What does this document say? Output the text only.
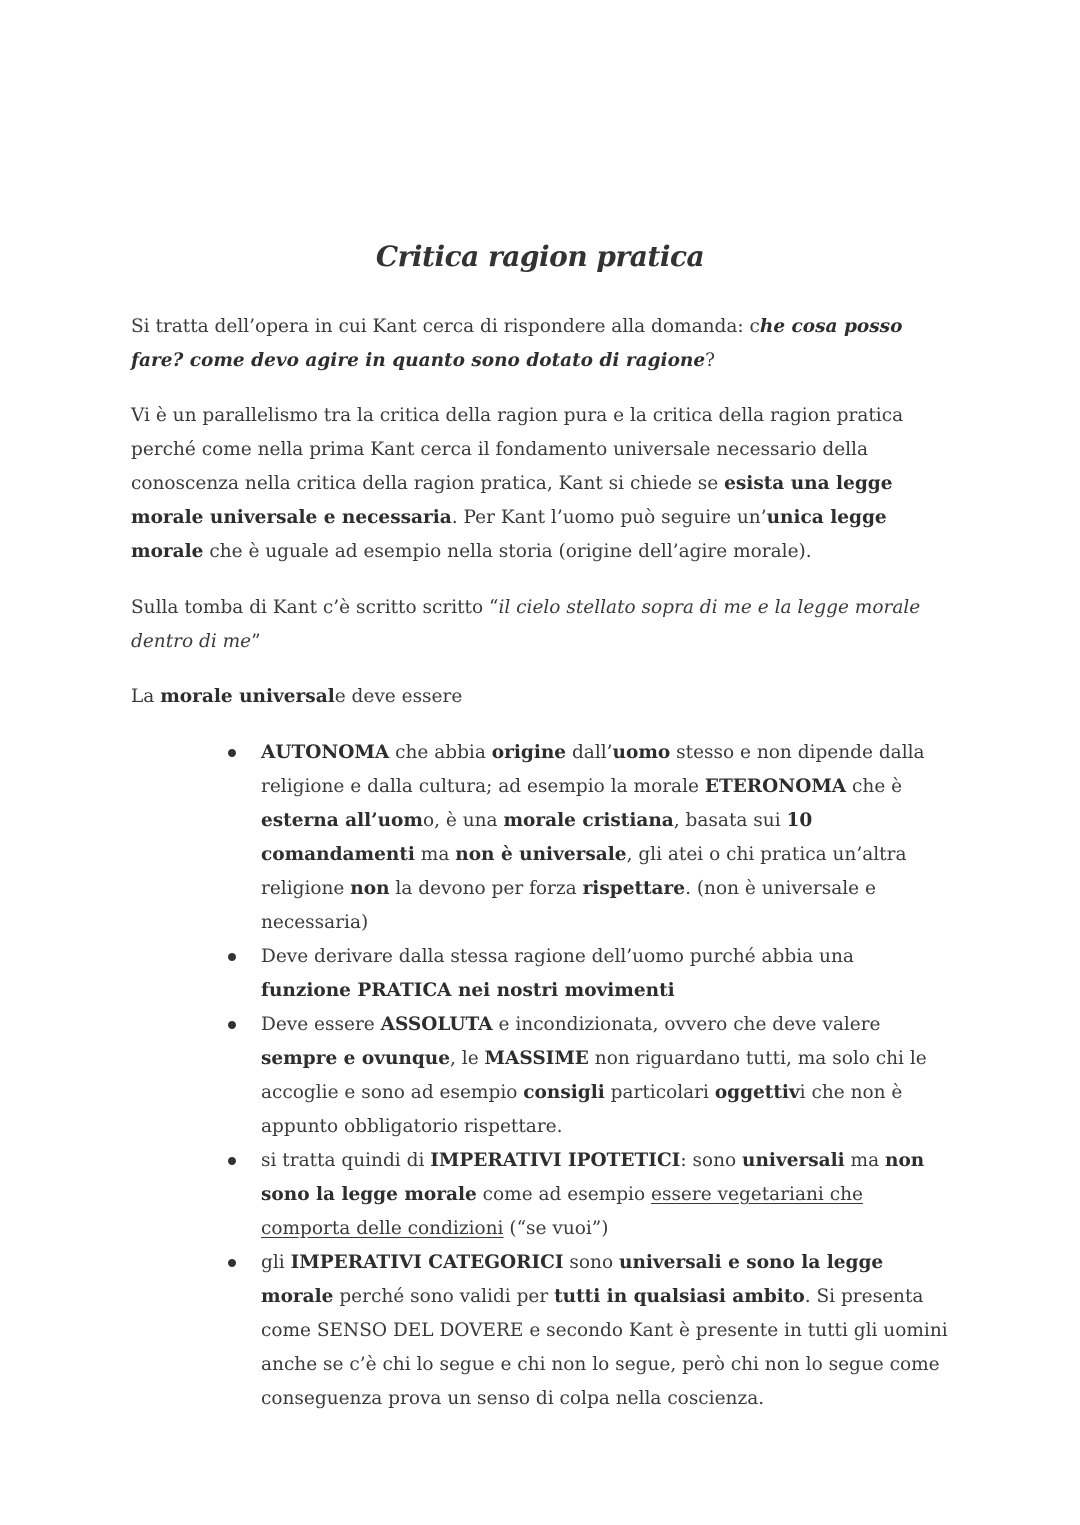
Critica ragion pratica

Si tratta dell’opera in cui Kant cerca di rispondere alla domanda: che cosa posso fare? come devo agire in quanto sono dotato di ragione?

Vi è un parallelismo tra la critica della ragion pura e la critica della ragion pratica perché come nella prima Kant cerca il fondamento universale necessario della conoscenza nella critica della ragion pratica, Kant si chiede se esista una legge morale universale e necessaria. Per Kant l’uomo può seguire un’unica legge morale che è uguale ad esempio nella storia (origine dell’agire morale).

Sulla tomba di Kant c’è scritto scritto “il cielo stellato sopra di me e la legge morale dentro di me”

La morale universale deve essere

AUTONOMA che abbia origine dall’uomo stesso e non dipende dalla religione e dalla cultura; ad esempio la morale ETERONOMA che è esterna all’uomo, è una morale cristiana, basata sui 10 comandamenti ma non è universale, gli atei o chi pratica un’altra religione non la devono per forza rispettare. (non è universale e necessaria)
Deve derivare dalla stessa ragione dell’uomo purché abbia una funzione PRATICA nei nostri movimenti
Deve essere ASSOLUTA e incondizionata, ovvero che deve valere sempre e ovunque, le MASSIME non riguardano tutti, ma solo chi le accoglie e sono ad esempio consigli particolari oggettivi che non è appunto obbligatorio rispettare.
si tratta quindi di IMPERATIVI IPOTETICI: sono universali ma non sono la legge morale come ad esempio essere vegetariani che comporta delle condizioni (“se vuoi”)
gli IMPERATIVI CATEGORICI sono universali e sono la legge morale perché sono validi per tutti in qualsiasi ambito. Si presenta come SENSO DEL DOVERE e secondo Kant è presente in tutti gli uomini anche se c’è chi lo segue e chi non lo segue, però chi non lo segue come conseguenza prova un senso di colpa nella coscienza.
